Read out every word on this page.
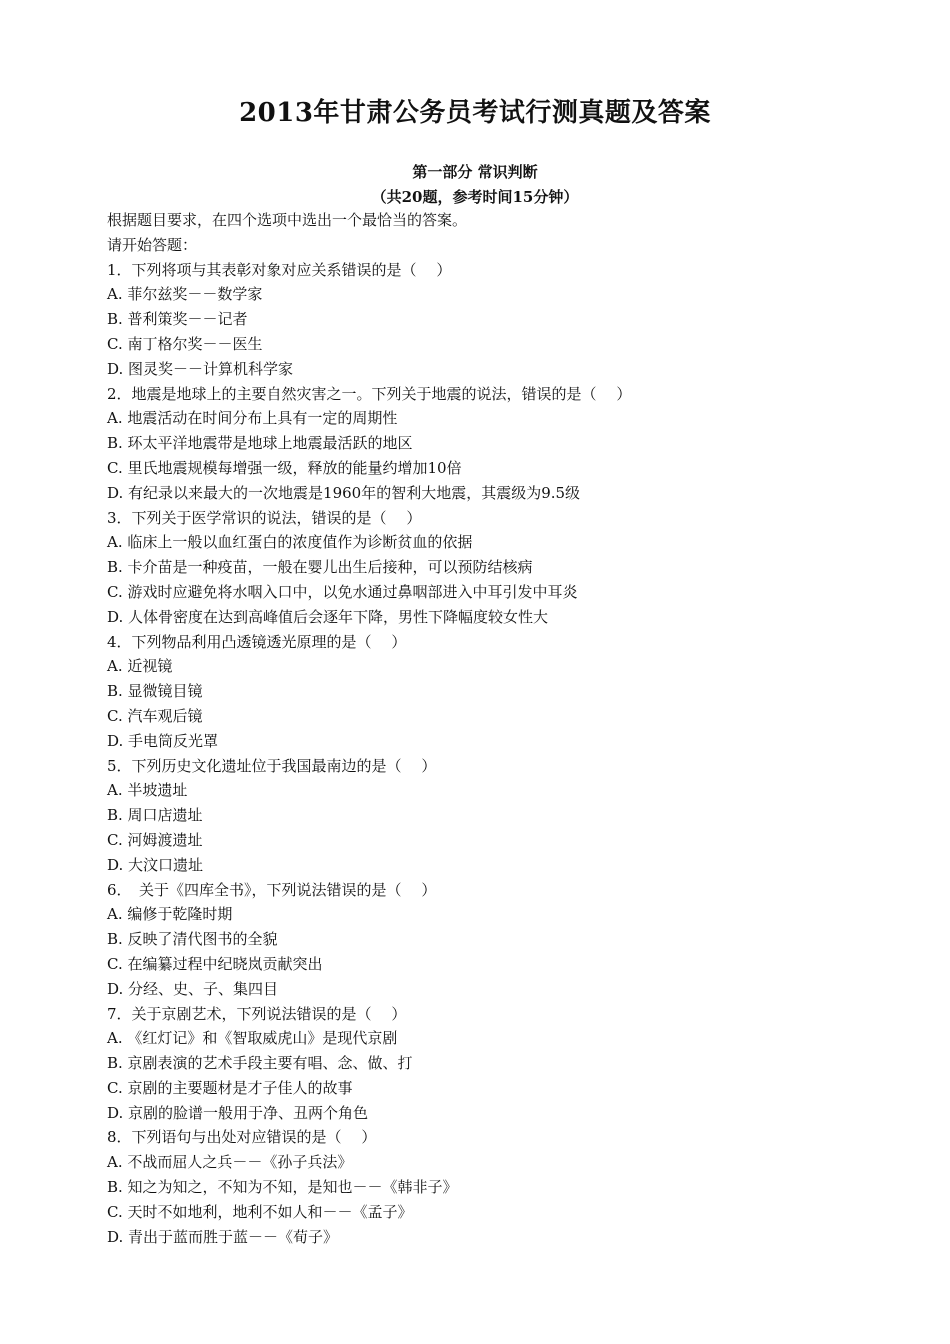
2013年甘肃公务员考试行测真题及答案
第一部分 常识判断
（共20题，参考时间15分钟）
根据题目要求，在四个选项中选出一个最恰当的答案。
请开始答题：
1．下列将项与其表彰对象对应关系错误的是（　 ）
A. 菲尔兹奖－－数学家
B. 普利策奖－－记者
C. 南丁格尔奖－－医生
D. 图灵奖－－计算机科学家
2．地震是地球上的主要自然灾害之一。下列关于地震的说法，错误的是（　 ）
A. 地震活动在时间分布上具有一定的周期性
B. 环太平洋地震带是地球上地震最活跃的地区
C. 里氏地震规模每增强一级，释放的能量约增加10倍
D. 有纪录以来最大的一次地震是1960年的智利大地震，其震级为9.5级
3．下列关于医学常识的说法，错误的是（　 ）
A. 临床上一般以血红蛋白的浓度值作为诊断贫血的依据
B. 卡介苗是一种疫苗，一般在婴儿出生后接种，可以预防结核病
C. 游戏时应避免将水咽入口中，以免水通过鼻咽部进入中耳引发中耳炎
D. 人体骨密度在达到高峰值后会逐年下降，男性下降幅度较女性大
4．下列物品利用凸透镜透光原理的是（　 ）
A. 近视镜
B. 显微镜目镜
C. 汽车观后镜
D. 手电筒反光罩
5．下列历史文化遗址位于我国最南边的是（　 ）
A. 半坡遗址
B. 周口店遗址
C. 河姆渡遗址
D. 大汶口遗址
6．　关于《四库全书》，下列说法错误的是（　 ）
A. 编修于乾隆时期
B. 反映了清代图书的全貌
C. 在编纂过程中纪晓岚贡献突出
D. 分经、史、子、集四目
7．关于京剧艺术，下列说法错误的是（　 ）
A. 《红灯记》和《智取威虎山》是现代京剧
B. 京剧表演的艺术手段主要有唱、念、做、打
C. 京剧的主要题材是才子佳人的故事
D. 京剧的脸谱一般用于净、丑两个角色
8．下列语句与出处对应错误的是（　 ）
A. 不战而屈人之兵－－《孙子兵法》
B. 知之为知之，不知为不知，是知也－－《韩非子》
C. 天时不如地利，地利不如人和－－《孟子》
D. 青出于蓝而胜于蓝－－《荀子》
